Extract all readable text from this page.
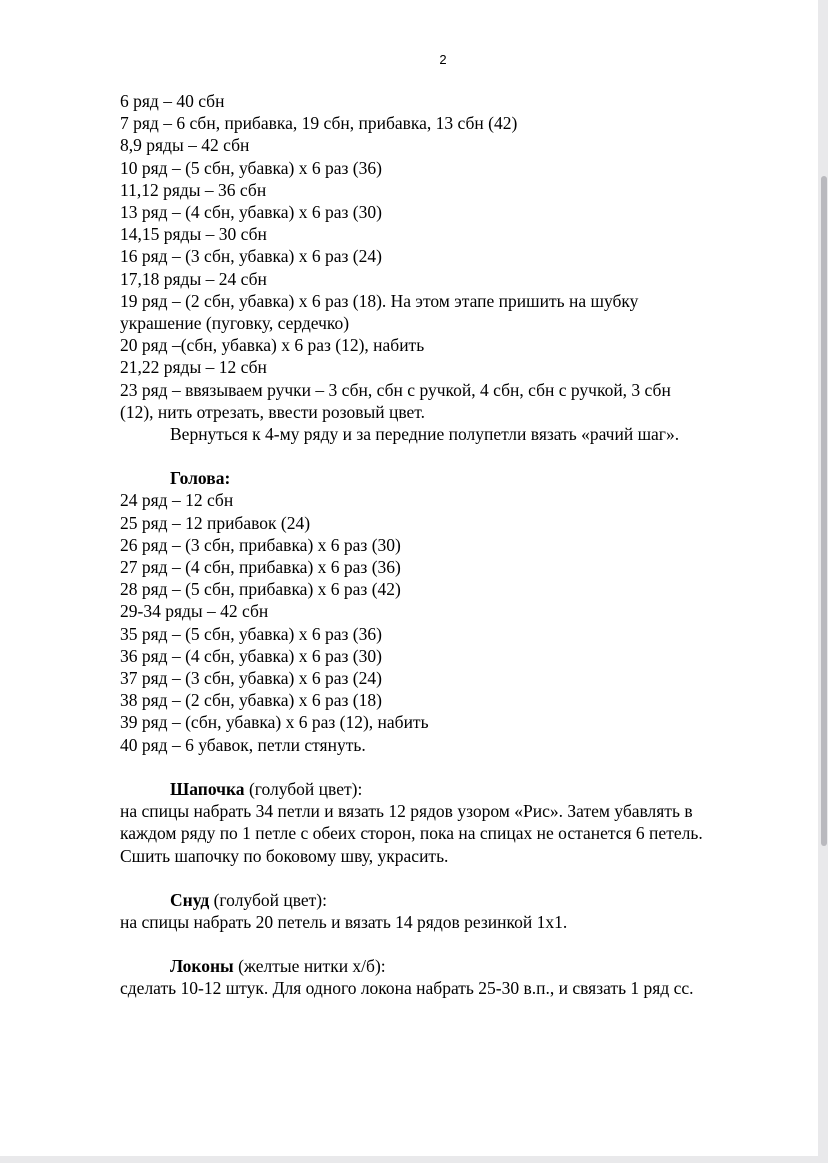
2
6 ряд – 40 сбн
7 ряд – 6 сбн, прибавка, 19 сбн, прибавка, 13 сбн (42)
8,9 ряды – 42 сбн
10 ряд – (5 сбн, убавка) х 6 раз (36)
11,12 ряды – 36 сбн
13 ряд – (4 сбн, убавка) х 6 раз (30)
14,15 ряды – 30 сбн
16 ряд – (3 сбн, убавка) х 6 раз (24)
17,18 ряды – 24 сбн
19 ряд – (2 сбн, убавка) х 6 раз (18). На этом этапе пришить на шубку
украшение (пуговку, сердечко)
20 ряд –(сбн, убавка) х 6 раз (12), набить
21,22 ряды – 12 сбн
23 ряд – ввязываем ручки – 3 сбн, сбн с ручкой, 4 сбн, сбн с ручкой, 3 сбн
(12), нить отрезать, ввести розовый цвет.
Вернуться к 4-му ряду и за передние полупетли вязать «рачий шаг».
Голова:
24 ряд – 12 сбн
25 ряд – 12 прибавок (24)
26 ряд – (3 сбн, прибавка) х 6 раз (30)
27 ряд – (4 сбн, прибавка) х 6 раз (36)
28 ряд – (5 сбн, прибавка) х 6 раз (42)
29-34 ряды – 42 сбн
35 ряд – (5 сбн, убавка) х 6 раз (36)
36 ряд – (4 сбн, убавка) х 6 раз (30)
37 ряд – (3 сбн, убавка) х 6 раз (24)
38 ряд – (2 сбн, убавка) х 6 раз (18)
39 ряд – (сбн, убавка) х 6 раз (12), набить
40 ряд – 6 убавок, петли стянуть.
Шапочка (голубой цвет):
на спицы набрать 34 петли и вязать 12 рядов узором «Рис». Затем убавлять в
каждом ряду по 1 петле с обеих сторон, пока на спицах не останется 6 петель.
Сшить шапочку по боковому шву, украсить.
Снуд (голубой цвет):
на спицы набрать 20 петель и вязать 14 рядов резинкой 1х1.
Локоны (желтые нитки х/б):
сделать 10-12 штук. Для одного локона набрать 25-30 в.п., и связать 1 ряд сс.
